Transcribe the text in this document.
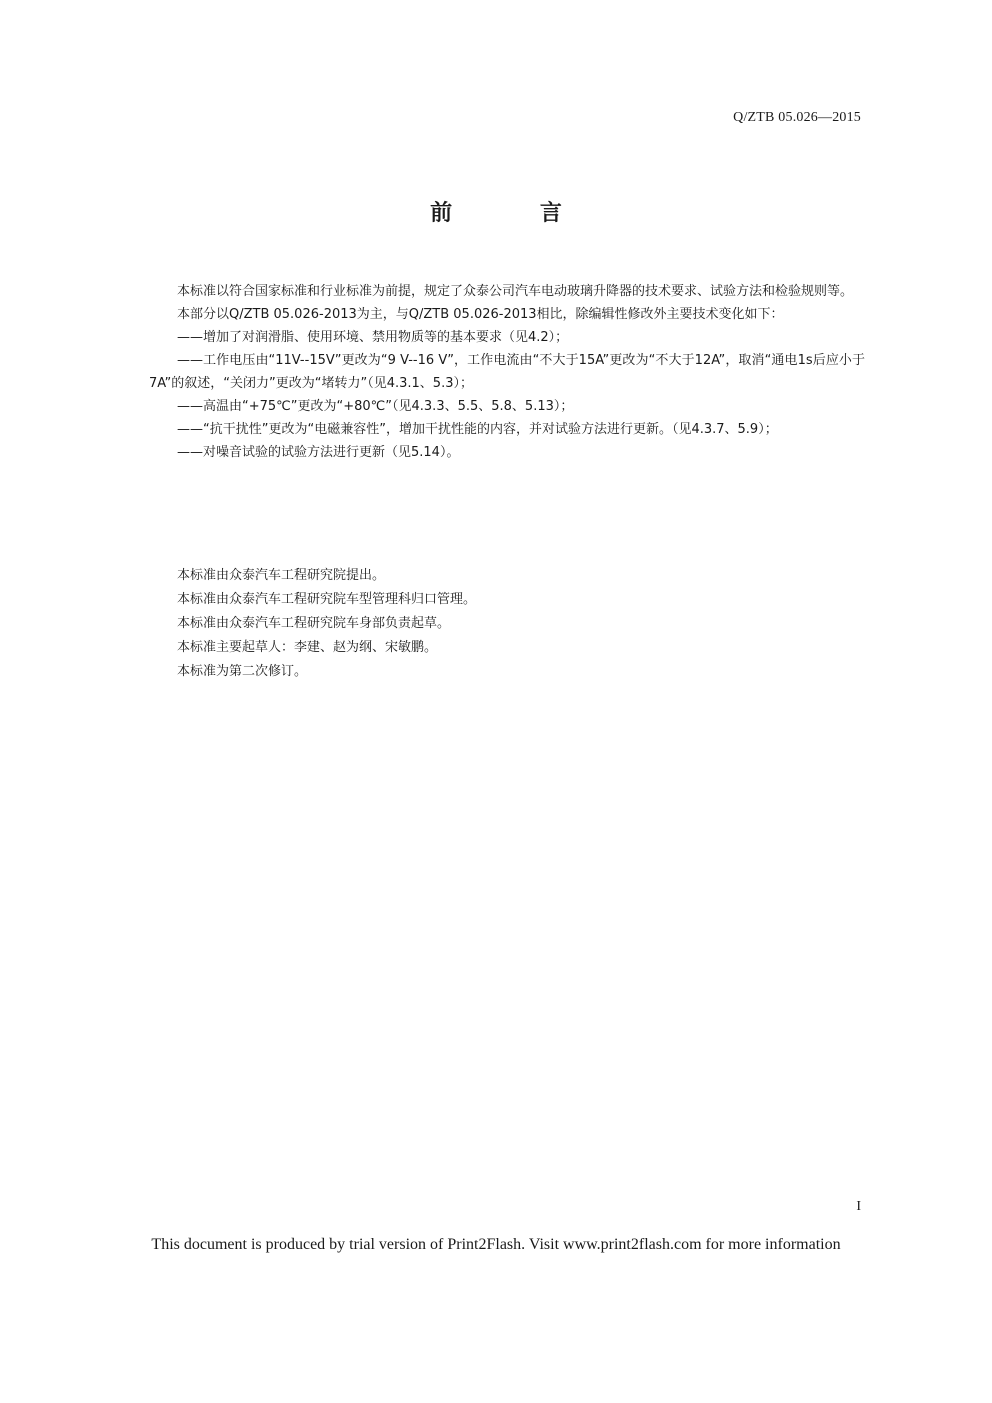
Q/ZTB 05.026—2015
前 言

本标准以符合国家标准和行业标准为前提，规定了众泰公司汽车电动玻璃升降器的技术要求、试验方法和检验规则等。

本部分以Q/ZTB 05.026-2013为主，与Q/ZTB 05.026-2013相比，除编辑性修改外主要技术变化如下：

——增加了对润滑脂、使用环境、禁用物质等的基本要求（见4.2）；

——工作电压由“11V--15V”更改为“9 V--16 V”，工作电流由“不大于15A”更改为“不大于12A”，取消“通电1s后应小于7A”的叙述，“关闭力”更改为“堵转力”（见4.3.1、5.3）；

——高温由“+75℃”更改为“+80℃”（见4.3.3、5.5、5.8、5.13）；

——“抗干扰性”更改为“电磁兼容性”，增加干扰性能的内容，并对试验方法进行更新。（见4.3.7、5.9）；

——对噪音试验的试验方法进行更新（见5.14）。

本标准由众泰汽车工程研究院提出。

本标准由众泰汽车工程研究院车型管理科归口管理。

本标准由众泰汽车工程研究院车身部负责起草。

本标准主要起草人：李建、赵为纲、宋敏鹏。

本标准为第二次修订。

I
This document is produced by trial version of Print2Flash. Visit www.print2flash.com for more information
